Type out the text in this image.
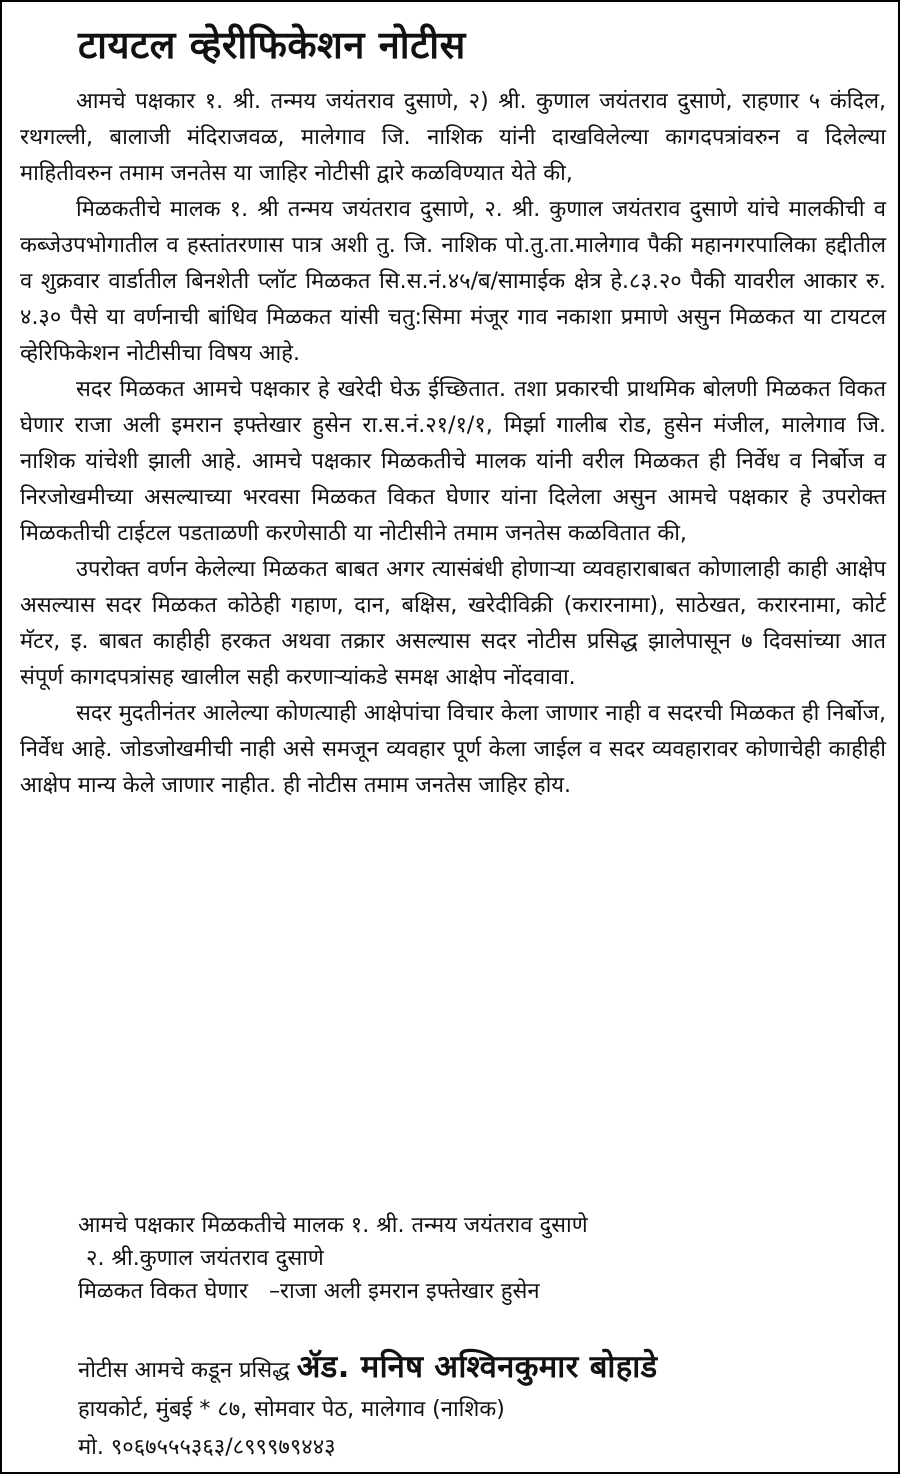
टायटल व्हेरीफिकेशन नोटीस

आमचे पक्षकार १. श्री. तन्मय जयंतराव दुसाणे, २) श्री. कुणाल जयंतराव दुसाणे, राहणार ५ कंदिल, रथगल्ली, बालाजी मंदिराजवळ, मालेगाव जि. नाशिक यांनी दाखविलेल्या कागदपत्रांवरुन व दिलेल्या माहितीवरुन तमाम जनतेस या जाहिर नोटीसी द्वारे कळविण्यात येते की,

मिळकतीचे मालक १. श्री तन्मय जयंतराव दुसाणे, २. श्री. कुणाल जयंतराव दुसाणे यांचे मालकीची व कब्जेउपभोगातील व हस्तांतरणास पात्र अशी तु. जि. नाशिक पो.तु.ता.मालेगाव पैकी महानगरपालिका हद्दीतील व शुक्रवार वार्डातील बिनशेती प्लॉट मिळकत सि.स.नं.४५/ब/सामाईक क्षेत्र हे.८३.२० पैकी यावरील आकार रु. ४.३० पैसे या वर्णनाची बांधिव मिळकत यांसी चतु:सिमा मंजूर गाव नकाशा प्रमाणे असुन मिळकत या टायटल व्हेरिफिकेशन नोटीसीचा विषय आहे.

सदर मिळकत आमचे पक्षकार हे खरेदी घेऊ ईच्छितात. तशा प्रकारची प्राथमिक बोलणी मिळकत विकत घेणार राजा अली इमरान इफ्तेखार हुसेन रा.स.नं.२१/१/१, मिर्झा गालीब रोड, हुसेन मंजील, मालेगाव जि. नाशिक यांचेशी झाली आहे. आमचे पक्षकार मिळकतीचे मालक यांनी वरील मिळकत ही निर्वेध व निर्बोज व निरजोखमीच्या असल्याच्या भरवसा मिळकत विकत घेणार यांना दिलेला असुन आमचे पक्षकार हे उपरोक्त मिळकतीची टाईटल पडताळणी करणेसाठी या नोटीसीने तमाम जनतेस कळवितात की,

उपरोक्त वर्णन केलेल्या मिळकत बाबत अगर त्यासंबंधी होणाऱ्या व्यवहाराबाबत कोणालाही काही आक्षेप असल्यास सदर मिळकत कोठेही गहाण, दान, बक्षिस, खरेदीविक्री (करारनामा), साठेखत, करारनामा, कोर्ट मॅटर, इ. बाबत काहीही हरकत अथवा तक्रार असल्यास सदर नोटीस प्रसिद्ध झालेपासून ७ दिवसांच्या आत संपूर्ण कागदपत्रांसह खालील सही करणाऱ्यांकडे समक्ष आक्षेप नोंदवावा.

सदर मुदतीनंतर आलेल्या कोणत्याही आक्षेपांचा विचार केला जाणार नाही व सदरची मिळकत ही निर्बोज, निर्वेध आहे. जोडजोखमीची नाही असे समजून व्यवहार पूर्ण केला जाईल व सदर व्यवहारावर कोणाचेही काहीही आक्षेप मान्य केले जाणार नाहीत. ही नोटीस तमाम जनतेस जाहिर होय.

आमचे पक्षकार मिळकतीचे मालक १. श्री. तन्मय जयंतराव दुसाणे
२. श्री.कुणाल जयंतराव दुसाणे
मिळकत विकत घेणार   –राजा अली इमरान इफ्तेखार हुसेन
नोटीस आमचे कडून प्रसिद्ध ॲड. मनिष अश्विनकुमार बोहाडे
हायकोर्ट, मुंबई * ८७, सोमवार पेठ, मालेगाव (नाशिक)
मो. ९०६७५५५३६३/८९९९७९४४३
